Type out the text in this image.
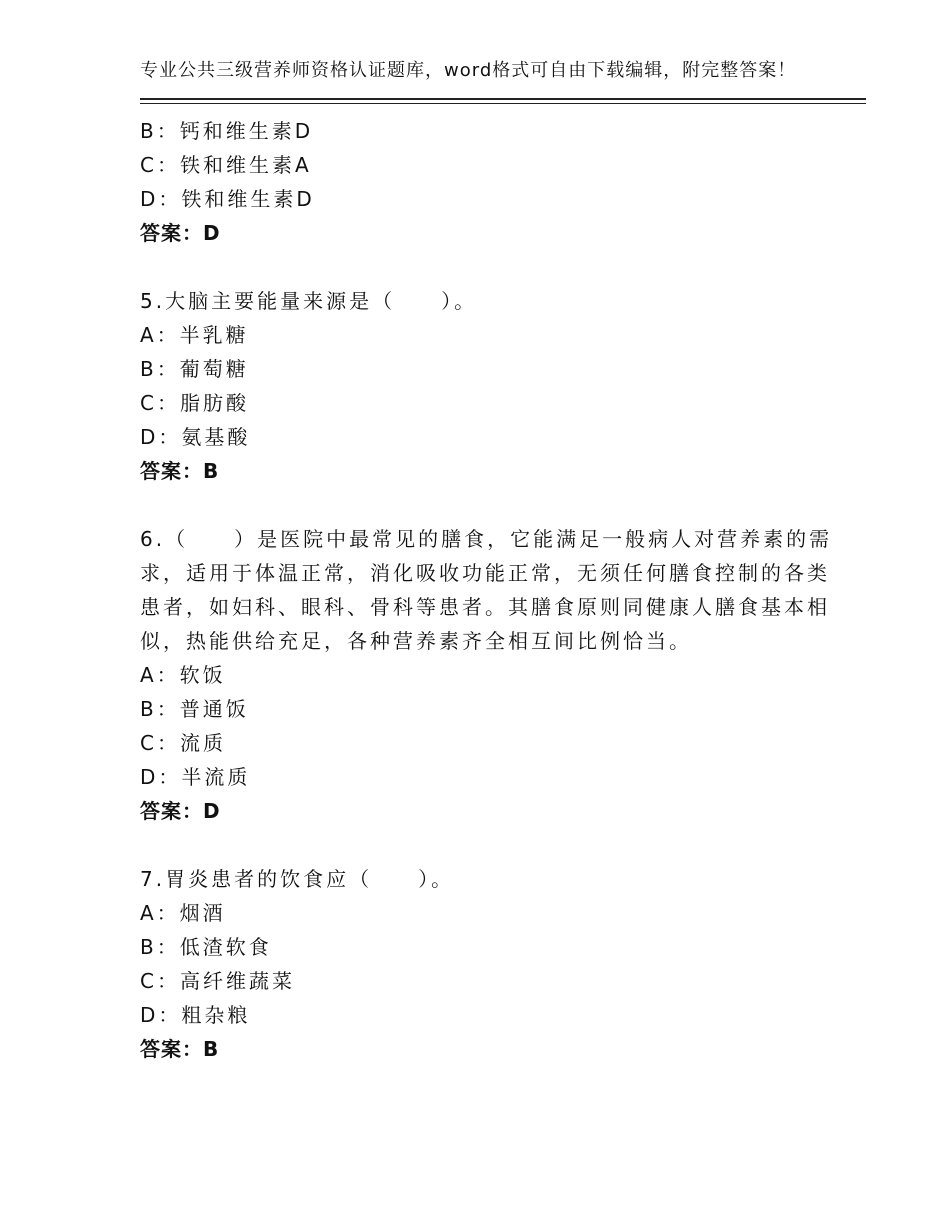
专业公共三级营养师资格认证题库，word格式可自由下载编辑，附完整答案！
B：钙和维生素D
C：铁和维生素A
D：铁和维生素D
答案：D
5.大脑主要能量来源是（　　）。
A：半乳糖
B：葡萄糖
C：脂肪酸
D：氨基酸
答案：B
6.（　　）是医院中最常见的膳食，它能满足一般病人对营养素的需
求，适用于体温正常，消化吸收功能正常，无须任何膳食控制的各类
患者，如妇科、眼科、骨科等患者。其膳食原则同健康人膳食基本相
似，热能供给充足，各种营养素齐全相互间比例恰当。
A：软饭
B：普通饭
C：流质
D：半流质
答案：D
7.胃炎患者的饮食应（　　）。
A：烟酒
B：低渣软食
C：高纤维蔬菜
D：粗杂粮
答案：B
